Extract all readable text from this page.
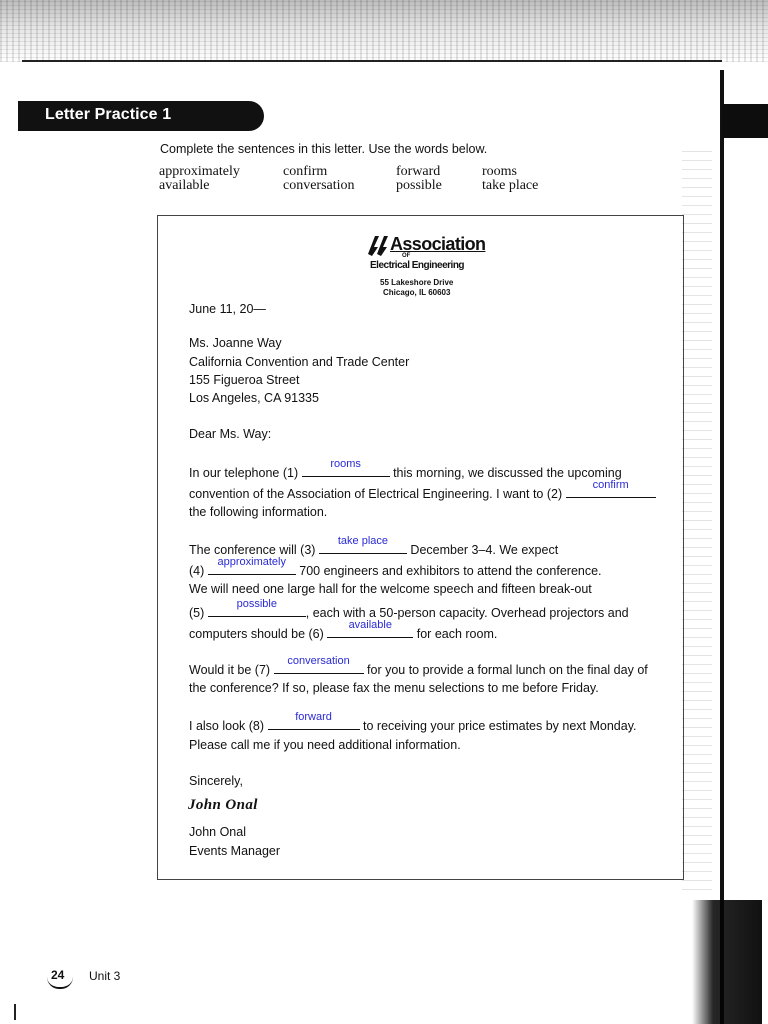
Letter Practice 1
Complete the sentences in this letter. Use the words below.
approximately	confirm	forward	rooms
available	conversation	possible	take place
Association
OF
Electrical Engineering
55 Lakeshore Drive
Chicago, IL 60603
June 11, 20—
Ms. Joanne Way
California Convention and Trade Center
155 Figueroa Street
Los Angeles, CA 91335
Dear Ms. Way:
In our telephone (1)
rooms
this morning, we discussed the upcoming
convention of the Association of Electrical Engineering. I want to (2)
confirm
the following information.
The conference will (3)
take place
December 3–4. We expect
(4)
approximately
700 engineers and exhibitors to attend the conference.
We will need one large hall for the welcome speech and fifteen break-out
(5)
possible
, each with a 50-person capacity. Overhead projectors and
computers should be (6)
available
for each room.
Would it be (7)
conversation
for you to provide a formal lunch on the final day of
the conference? If so, please fax the menu selections to me before Friday.
I also look (8)
forward
to receiving your price estimates by next Monday.
Please call me if you need additional information.
Sincerely,
John Onal
John Onal
Events Manager
24 Unit 3
